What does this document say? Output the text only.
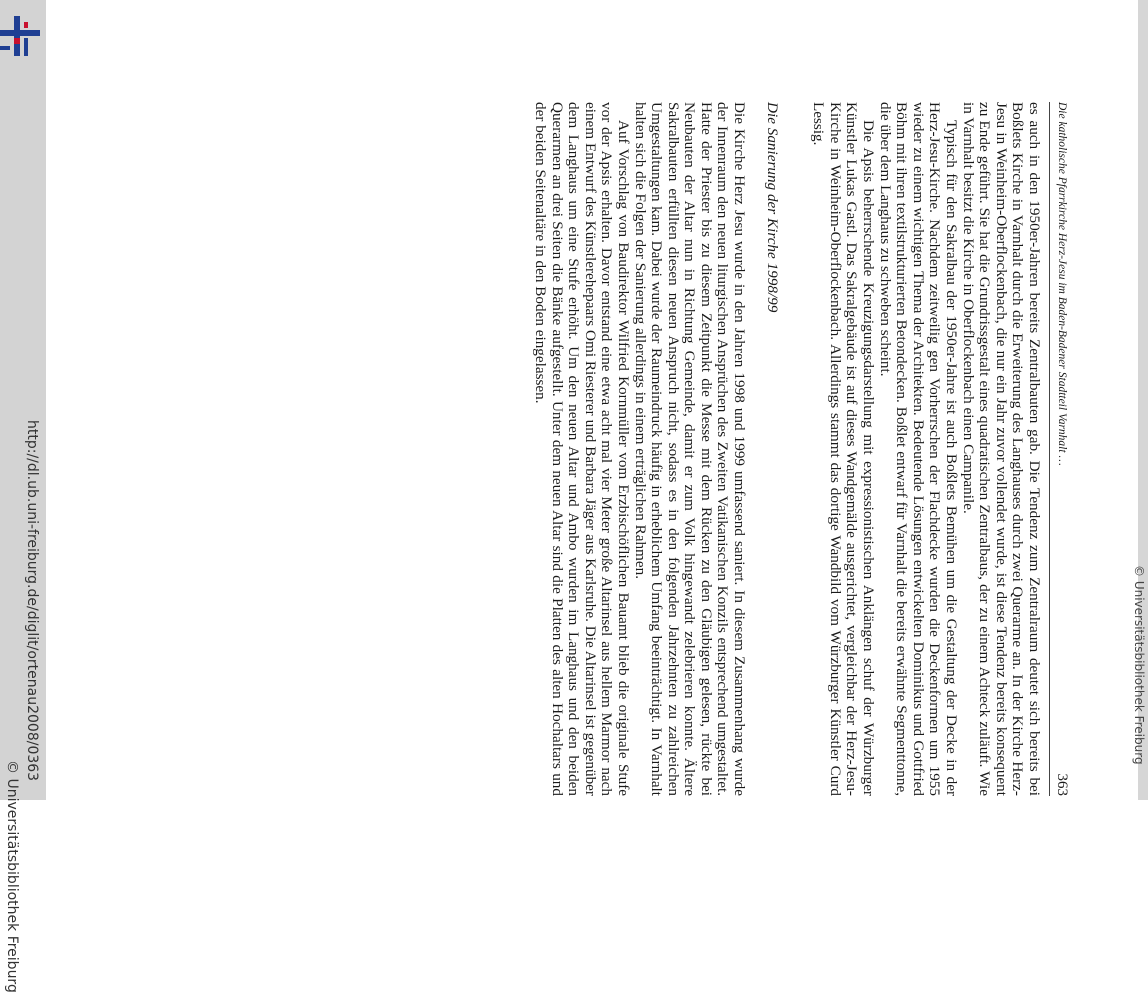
http://dl.ub.uni-freiburg.de/diglit/ortenau2008/0363
© Universitätsbibliothek Freiburg
© Universitätsbibliothek Freiburg
Die katholische Pfarrkirche Herz-Jesu im Baden-Badener Stadtteil Varnhalt …
363

es auch in den 1950er-Jahren bereits Zentralbauten gab. Die Tendenz zum Zentralraum deutet sich bereits bei Boßlets Kirche in Varnhalt durch die Erweiterung des Langhauses durch zwei Querarme an. In der Kirche Herz-Jesu in Weinheim-Oberflockenbach, die nur ein Jahr zuvor vollendet wurde, ist diese Tendenz bereits konsequent zu Ende geführt. Sie hat die Grundrissgestalt eines quadratischen Zentralbaus, der zu einem Achteck zuläuft. Wie in Varnhalt besitzt die Kirche in Oberflockenbach einen Campanile.

Typisch für den Sakralbau der 1950er-Jahre ist auch Boßlets Bemühen um die Gestaltung der Decke in der Herz-Jesu-Kirche. Nachdem zeitweilig gen Vorherrschen der Flachdecke wurden die Deckenformen um 1955 wieder zu einem wichtigen Thema der Architekten. Bedeutende Lösungen entwickelten Dominikus und Gottfried Böhm mit ihren textilstrukturierten Betondecken. Boßlet entwarf für Varnhalt die bereits erwähnte Segmenttonne, die über dem Langhaus zu schweben scheint.

Die Apsis beherrschende Kreuzigungsdarstellung mit expressionistischen Anklängen schuf der Würzburger Künstler Lukas Gastl. Das Sakralgebäude ist auf dieses Wandgemälde ausgerichtet, vergleichbar der Herz-Jesu-Kirche in Weinheim-Oberflockenbach. Allerdings stammt das dortige Wandbild vom Würzburger Künstler Curd Lessig.

Die Sanierung der Kirche 1998/99

Die Kirche Herz Jesu wurde in den Jahren 1998 und 1999 umfassend saniert. In diesem Zusammenhang wurde der Innenraum den neuen liturgischen Ansprüchen des Zweiten Vatikanischen Konzils entsprechend umgestaltet. Hatte der Priester bis zu diesem Zeitpunkt die Messe mit dem Rücken zu den Gläubigen gelesen, rückte bei Neubauten der Altar nun in Richtung Gemeinde, damit er zum Volk hingewandt zelebrieren konnte. Ältere Sakralbauten erfüllten diesen neuen Anspruch nicht, sodass es in den folgenden Jahrzehnten zu zahlreichen Umgestaltungen kam. Dabei wurde der Raumeindruck häufig in erheblichem Umfang beeinträchtigt. In Varnhalt halten sich die Folgen der Sanierung allerdings in einem erträglichen Rahmen.

Auf Vorschlag von Baudirektor Wilfried Kornmüller vom Erzbischöflichen Bauamt blieb die originale Stufe vor der Apsis erhalten. Davor entstand eine etwa acht mal vier Meter große Altarinsel aus hellem Marmor nach einem Entwurf des Künstlerehepaars Omi Riesterer und Barbara Jäger aus Karlsruhe. Die Altarinsel ist gegenüber dem Langhaus um eine Stufe erhöht. Um den neuen Altar und Ambo wurden im Langhaus und den beiden Querarmen an drei Seiten die Bänke aufgestellt. Unter dem neuen Altar sind die Platten des alten Hochaltars und der beiden Seitenaltäre in den Boden eingelassen.
